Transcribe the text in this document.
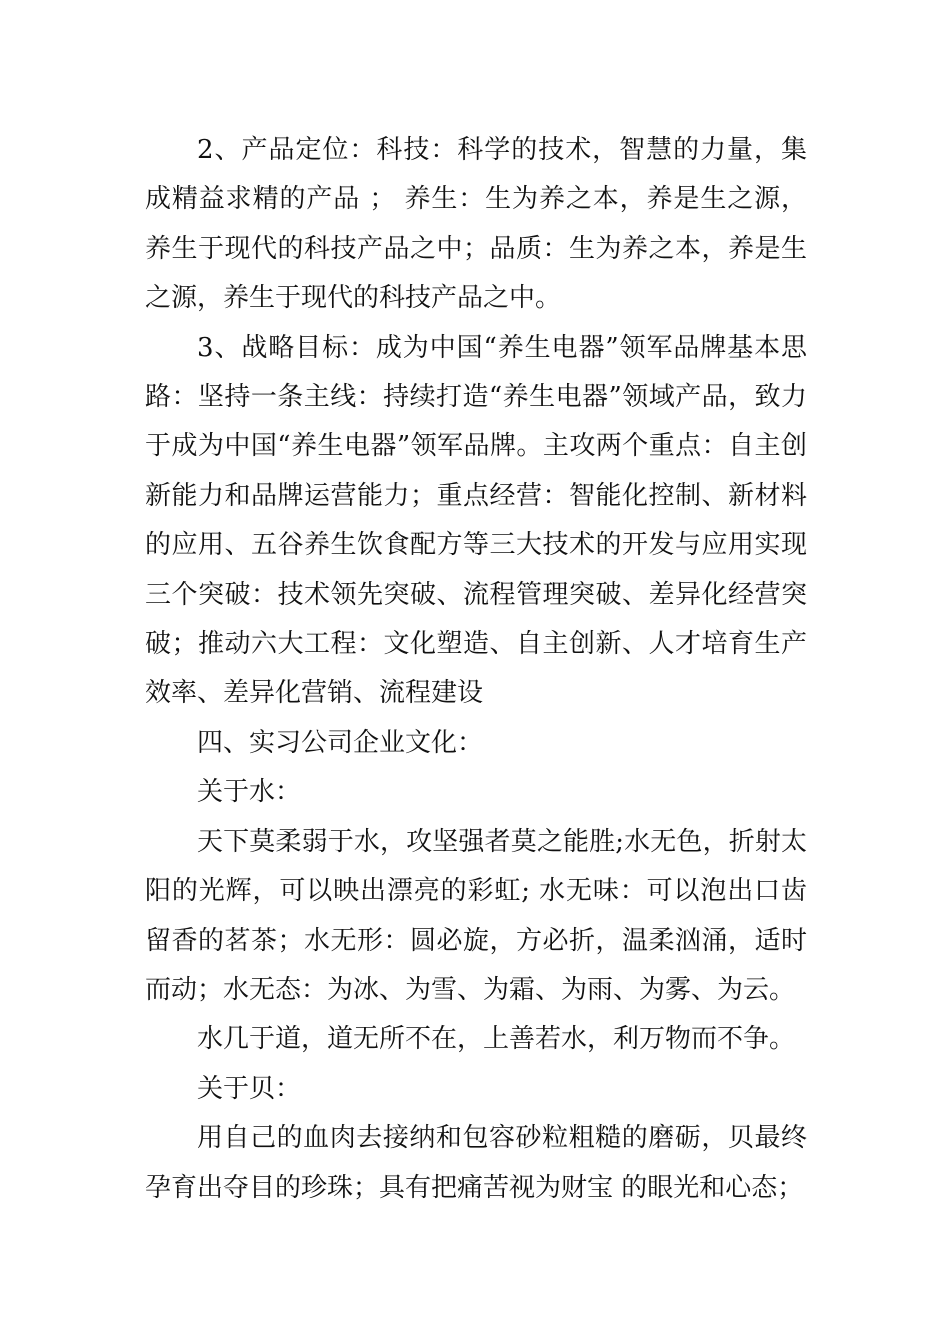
2、产品定位：科技：科学的技术，智慧的力量，集成精益求精的产品 ； 养生：生为养之本，养是生之源，养生于现代的科技产品之中；品质：生为养之本，养是生之源，养生于现代的科技产品之中。

3、战略目标：成为中国“养生电器”领军品牌基本思路：坚持一条主线：持续打造“养生电器”领域产品，致力于成为中国“养生电器”领军品牌。主攻两个重点：自主创新能力和品牌运营能力；重点经营：智能化控制、新材料的应用、五谷养生饮食配方等三大技术的开发与应用实现三个突破：技术领先突破、流程管理突破、差异化经营突破；推动六大工程：文化塑造、自主创新、人才培育生产效率、差异化营销、流程建设

四、实习公司企业文化：

关于水：

天下莫柔弱于水，攻坚强者莫之能胜;水无色，折射太阳的光辉，可以映出漂亮的彩虹; 水无味：可以泡出口齿留香的茗茶；水无形：圆必旋，方必折，温柔汹涌，适时而动；水无态：为冰、为雪、为霜、为雨、为雾、为云。

水几于道，道无所不在，上善若水，利万物而不争。

关于贝：

用自己的血肉去接纳和包容砂粒粗糙的磨砺，贝最终孕育出夺目的珍珠；具有把痛苦视为财宝 的眼光和心态；
